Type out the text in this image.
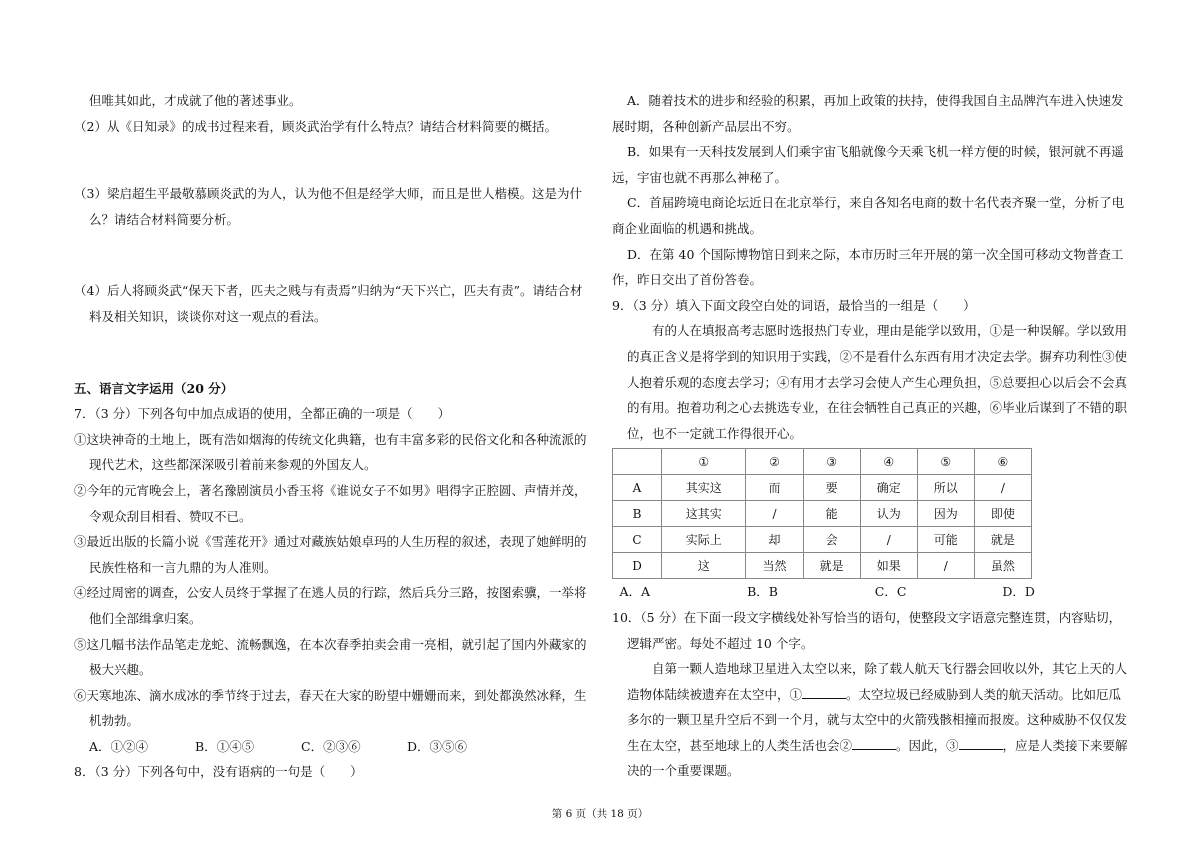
但唯其如此，才成就了他的著述事业。

（2）从《日知录》的成书过程来看，顾炎武治学有什么特点？请结合材料简要的概括。

（3）梁启超生平最敬慕顾炎武的为人，认为他不但是经学大师，而且是世人楷模。这是为什么？请结合材料简要分析。

（4）后人将顾炎武“保天下者，匹夫之贱与有责焉”归纳为“天下兴亡，匹夫有责”。请结合材料及相关知识，谈谈你对这一观点的看法。

五、语言文字运用（20 分）

7．（3 分）下列各句中加点成语的使用，全都正确的一项是（　　）

①这块神奇的土地上，既有浩如烟海的传统文化典籍，也有丰富多彩的民俗文化和各种流派的现代艺术，这些都深深吸引着前来参观的外国友人。

②今年的元宵晚会上，著名豫剧演员小香玉将《谁说女子不如男》唱得字正腔圆、声情并茂，令观众刮目相看、赞叹不已。

③最近出版的长篇小说《雪莲花开》通过对藏族姑娘卓玛的人生历程的叙述，表现了她鲜明的民族性格和一言九鼎的为人准则。

④经过周密的调查，公安人员终于掌握了在逃人员的行踪，然后兵分三路，按图索骥，一举将他们全部缉拿归案。

⑤这几幅书法作品笔走龙蛇、流畅飘逸，在本次春季拍卖会甫一亮相，就引起了国内外藏家的极大兴趣。

⑥天寒地冻、滴水成冰的季节终于过去，春天在大家的盼望中姗姗而来，到处都涣然冰释，生机勃勃。

A．①②④	B．①④⑤	C．②③⑥	D．③⑤⑥

8．（3 分）下列各句中，没有语病的一句是（　　）

A．随着技术的进步和经验的积累，再加上政策的扶持，使得我国自主品牌汽车进入快速发展时期，各种创新产品层出不穷。

B．如果有一天科技发展到人们乘宇宙飞船就像今天乘飞机一样方便的时候，银河就不再遥远，宇宙也就不再那么神秘了。

C．首届跨境电商论坛近日在北京举行，来自各知名电商的数十名代表齐聚一堂，分析了电商企业面临的机遇和挑战。

D．在第 40 个国际博物馆日到来之际，本市历时三年开展的第一次全国可移动文物普查工作，昨日交出了首份答卷。

9．（3 分）填入下面文段空白处的词语，最恰当的一组是（　　）

有的人在填报高考志愿时选报热门专业，理由是能学以致用，①是一种误解。学以致用的真正含义是将学到的知识用于实践，②不是看什么东西有用才决定去学。摒弃功利性③使人抱着乐观的态度去学习；④有用才去学习会使人产生心理负担，⑤总要担心以后会不会真的有用。抱着功利之心去挑选专业，在往会牺牲自己真正的兴趣，⑥毕业后谋到了不错的职位，也不一定就工作得很开心。

	①	②	③	④	⑤	⑥
A	其实这	而	要	确定	所以	/
B	这其实	/	能	认为	因为	即使
C	实际上	却	会	/	可能	就是
D	这	当然	就是	如果	/	虽然
A．A	B．B	C．C	D．D

10．（5 分）在下面一段文字横线处补写恰当的语句，使整段文字语意完整连贯，内容贴切，逻辑严密。每处不超过 10 个字。

自第一颗人造地球卫星进入太空以来，除了载人航天飞行器会回收以外，其它上天的人造物体陆续被遗弃在太空中，①	。太空垃圾已经威胁到人类的航天活动。比如厄瓜多尔的一颗卫星升空后不到一个月，就与太空中的火箭残骸相撞而报废。这种威胁不仅仅发生在太空，甚至地球上的人类生活也会②	。因此，③	，应是人类接下来要解决的一个重要课题。

第 6 页（共 18 页）
